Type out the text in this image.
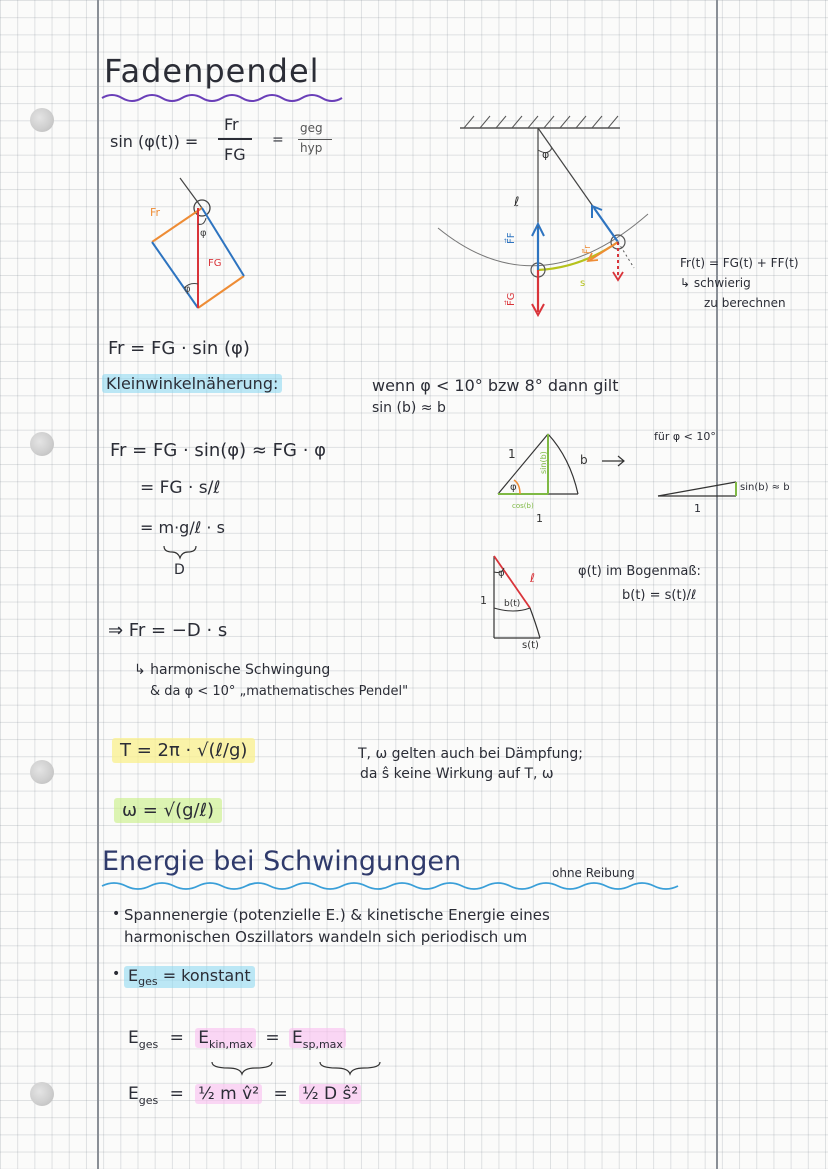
Fadenpendel
sin (φ(t)) =
Fr
FG
=
geg
hyp
Fr
FG
φ
φ
φ
ℓ
F⃗F
F⃗G
F⃗r
s
Fr(t) = FG(t) + FF(t)
↳ schwierig
zu berechnen
Fr = FG · sin (φ)
Kleinwinkelnäherung:	wenn φ < 10° bzw 8° dann gilt
sin (b) ≈ b
Fr = FG · sin(φ) ≈ FG · φ
= FG · s/ℓ
= m·g/ℓ · s
D
1
φ
sin(b)
cos(b)
b
1
für φ < 10°
sin(b) ≈ b
1
φ ℓ
1 b(t)
s(t)
φ(t) im Bogenmaß:
b(t) = s(t)/ℓ
⇒ Fr = −D · s
↳ harmonische Schwingung
& da φ < 10° „mathematisches Pendel"
T = 2π · √(ℓ/g)
ω = √(g/ℓ)
T, ω gelten auch bei Dämpfung;
da ŝ keine Wirkung auf T, ω
Energie bei Schwingungen	ohne Reibung
• Spannenergie (potenzielle E.) & kinetische Energie eines
harmonischen Oszillators wandeln sich periodisch um
• $E_{ges}$ = konstant
$E_{ges} = E_{kin,max} = E_{sp,max}$
$E_{ges}$ = ½ m v̂² = ½ D ŝ²
